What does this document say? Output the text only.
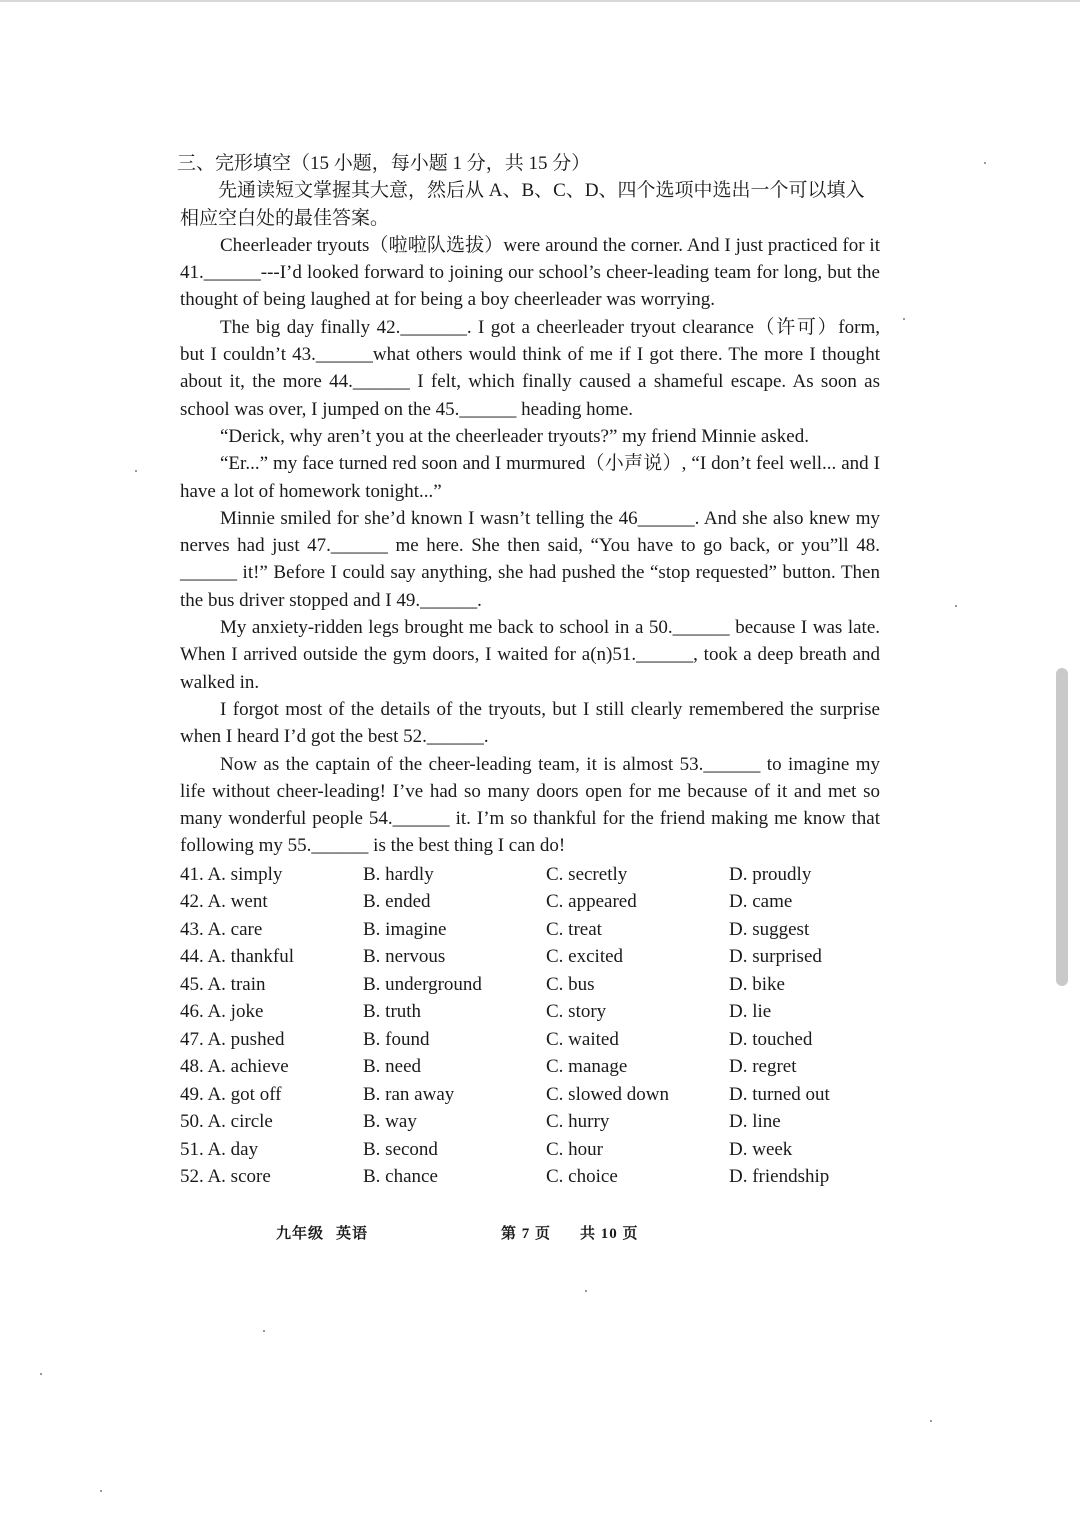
三、完形填空（15 小题，每小题 1 分，共 15 分）

先通读短文掌握其大意，然后从 A、B、C、D、四个选项中选出一个可以填入相应空白处的最佳答案。

Cheerleader tryouts（啦啦队选拔）were around the corner. And I just practiced for it　41.______---I’d looked forward to joining our school’s cheer-leading team for long, but the thought of being laughed at for being a boy cheerleader was worrying.

The big day finally 42._______. I got a cheerleader tryout clearance（许可）form, but I couldn’t 43.______what others would think of me if I got there. The more I thought about it, the more 44.______ I felt, which finally caused a shameful escape. As soon as school was over, I jumped on the 45.______ heading home.

“Derick, why aren’t you at the cheerleader tryouts?” my friend Minnie asked.

“Er...” my face turned red soon and I murmured（小声说）, “I don’t feel well... and I have a lot of homework tonight...”

Minnie smiled for she’d known I wasn’t telling the 46______. And she also knew my nerves had just 47.______ me here. She then said, “You have to go back, or you”ll 48. ______ it!” Before I could say anything, she had pushed the “stop requested” button. Then the bus driver stopped and I 49.______.

My anxiety-ridden legs brought me back to school in a 50.______ because I was late. When I arrived outside the gym doors, I waited for a(n)51.______, took a deep breath and walked in.

I forgot most of the details of the tryouts, but I still clearly remembered the surprise when I heard I’d got the best 52.______.

Now as the captain of the cheer-leading team, it is almost 53.______ to imagine my life without cheer-leading! I’ve had so many doors open for me because of it and met so many wonderful people 54.______ it. I’m so thankful for the friend making me know that following my 55.______ is the best thing I can do!

41. A. simply	B. hardly	C. secretly	D. proudly
42. A. went	B. ended	C. appeared	D. came
43. A. care	B. imagine	C. treat	D. suggest
44. A. thankful	B. nervous	C. excited	D. surprised
45. A. train	B. underground	C. bus	D. bike
46. A. joke	B. truth	C. story	D. lie
47. A. pushed	B. found	C. waited	D. touched
48. A. achieve	B. need	C. manage	D. regret
49. A. got off	B. ran away	C. slowed down	D. turned out
50. A. circle	B. way	C. hurry	D. line
51. A. day	B. second	C. hour	D. week
52. A. score	B. chance	C. choice	D. friendship
九年级 英语	第 7 页 共 10 页
